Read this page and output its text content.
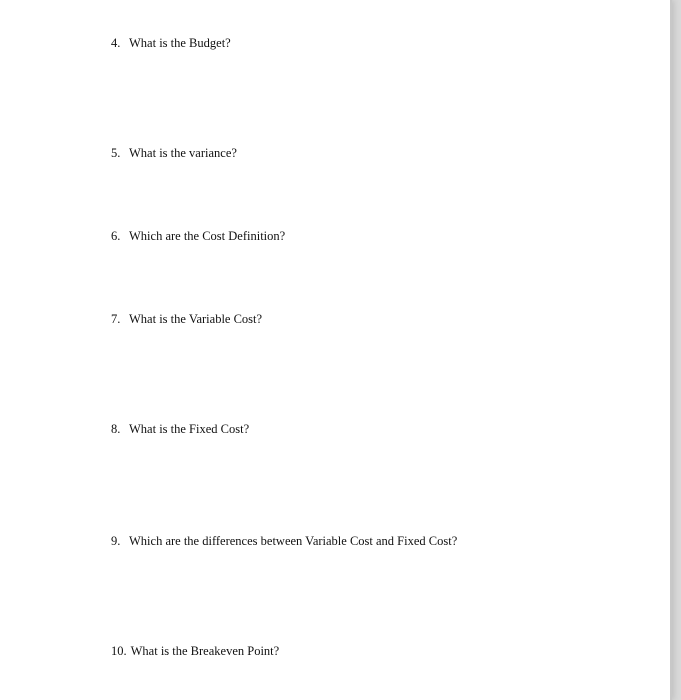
4. What is the Budget?
5. What is the variance?
6. Which are the Cost Definition?
7. What is the Variable Cost?
8. What is the Fixed Cost?
9. Which are the differences between Variable Cost and Fixed Cost?
10. What is the Breakeven Point?
